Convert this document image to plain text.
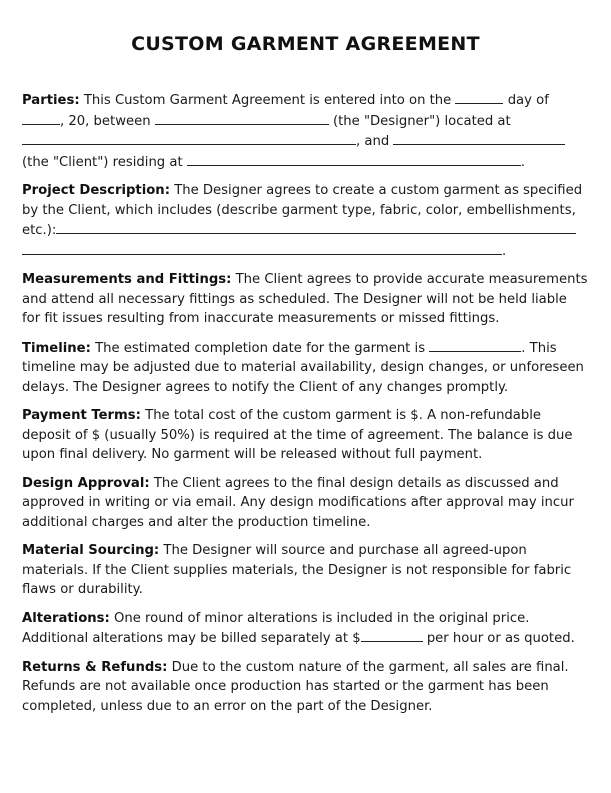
CUSTOM GARMENT AGREEMENT
Parties: This Custom Garment Agreement is entered into on the	day of
, 20, between	(the "Designer") located at
, and
(the "Client") residing at	.
Project Description: The Designer agrees to create a custom garment as specified by the Client, which includes (describe garment type, fabric, color, embellishments, etc.):
.
Measurements and Fittings: The Client agrees to provide accurate measurements and attend all necessary fittings as scheduled. The Designer will not be held liable for fit issues resulting from inaccurate measurements or missed fittings.
Timeline: The estimated completion date for the garment is	. This timeline may be adjusted due to material availability, design changes, or unforeseen delays. The Designer agrees to notify the Client of any changes promptly.
Payment Terms: The total cost of the custom garment is $. A non-refundable deposit of $ (usually 50%) is required at the time of agreement. The balance is due upon final delivery. No garment will be released without full payment.
Design Approval: The Client agrees to the final design details as discussed and approved in writing or via email. Any design modifications after approval may incur additional charges and alter the production timeline.
Material Sourcing: The Designer will source and purchase all agreed-upon materials. If the Client supplies materials, the Designer is not responsible for fabric flaws or durability.
Alterations: One round of minor alterations is included in the original price. Additional alterations may be billed separately at $	per hour or as quoted.
Returns & Refunds: Due to the custom nature of the garment, all sales are final. Refunds are not available once production has started or the garment has been completed, unless due to an error on the part of the Designer.
